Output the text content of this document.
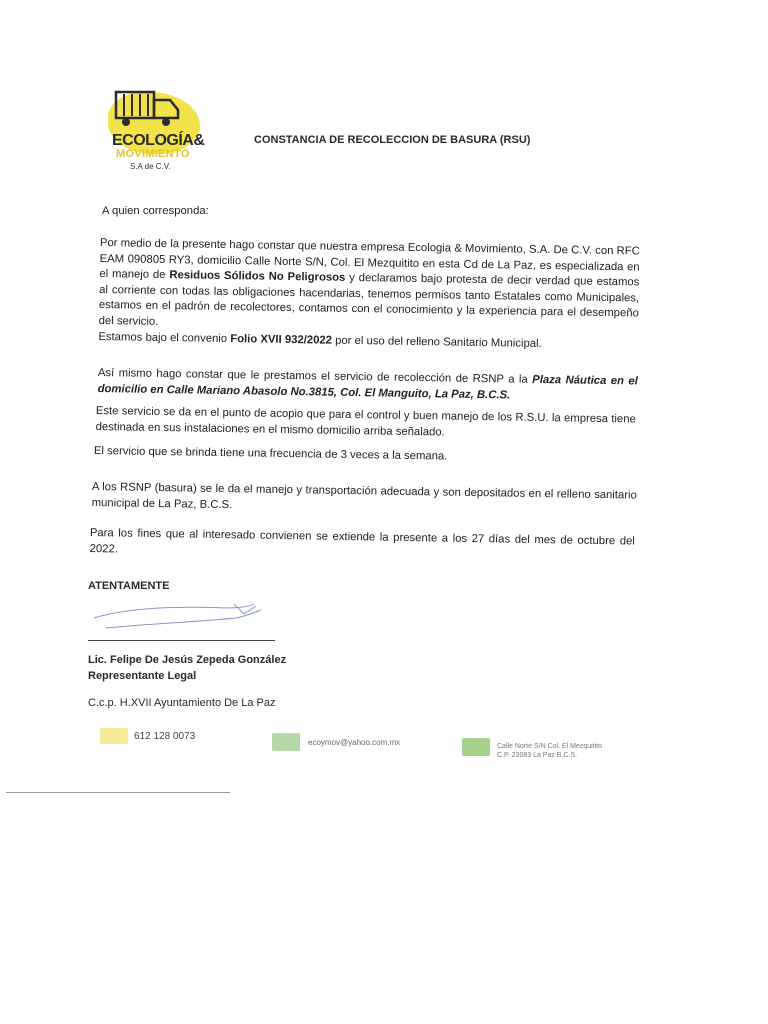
ECOLOGÍA&
MOVIMIENTO
S.A de C.V.
CONSTANCIA DE RECOLECCION DE BASURA (RSU)

A quien corresponda:

Por medio de la presente hago constar que nuestra empresa Ecologia & Movimiento, S.A. De C.V. con RFC EAM 090805 RY3, domicilio Calle Norte S/N, Col. El Mezquitito en esta Cd de La Paz, es especializada en el manejo de Residuos Sólidos No Peligrosos y declaramos bajo protesta de decir verdad que estamos al corriente con todas las obligaciones hacendarias, tenemos permisos tanto Estatales como Municipales, estamos en el padrón de recolectores, contamos con el conocimiento y la experiencia para el desempeño del servicio.
Estamos bajo el convenio Folio XVII 932/2022 por el uso del relleno Sanitario Municipal.

Así mismo hago constar que le prestamos el servicio de recolección de RSNP a la Plaza Náutica en el domicilio en Calle Mariano Abasolo No.3815, Col. El Manguito, La Paz, B.C.S.

Este servicio se da en el punto de acopio que para el control y buen manejo de los R.S.U. la empresa tiene destinada en sus instalaciones en el mismo domicilio arriba señalado.

El servicio que se brinda tiene una frecuencia de 3 veces a la semana.

A los RSNP (basura) se le da el manejo y transportación adecuada y son depositados en el relleno sanitario municipal de La Paz, B.C.S.

Para los fines que al interesado convienen se extiende la presente a los 27 días del mes de octubre del 2022.

ATENTAMENTE
Lic. Felipe De Jesús Zepeda González
Representante Legal
C.c.p. H.XVII Ayuntamiento De La Paz
612 128 0073
ecoymov@yahoo.com.mx	Calle Norte S/N Col. El Mezquitito
C.P. 23083 La Paz B.C.S.
